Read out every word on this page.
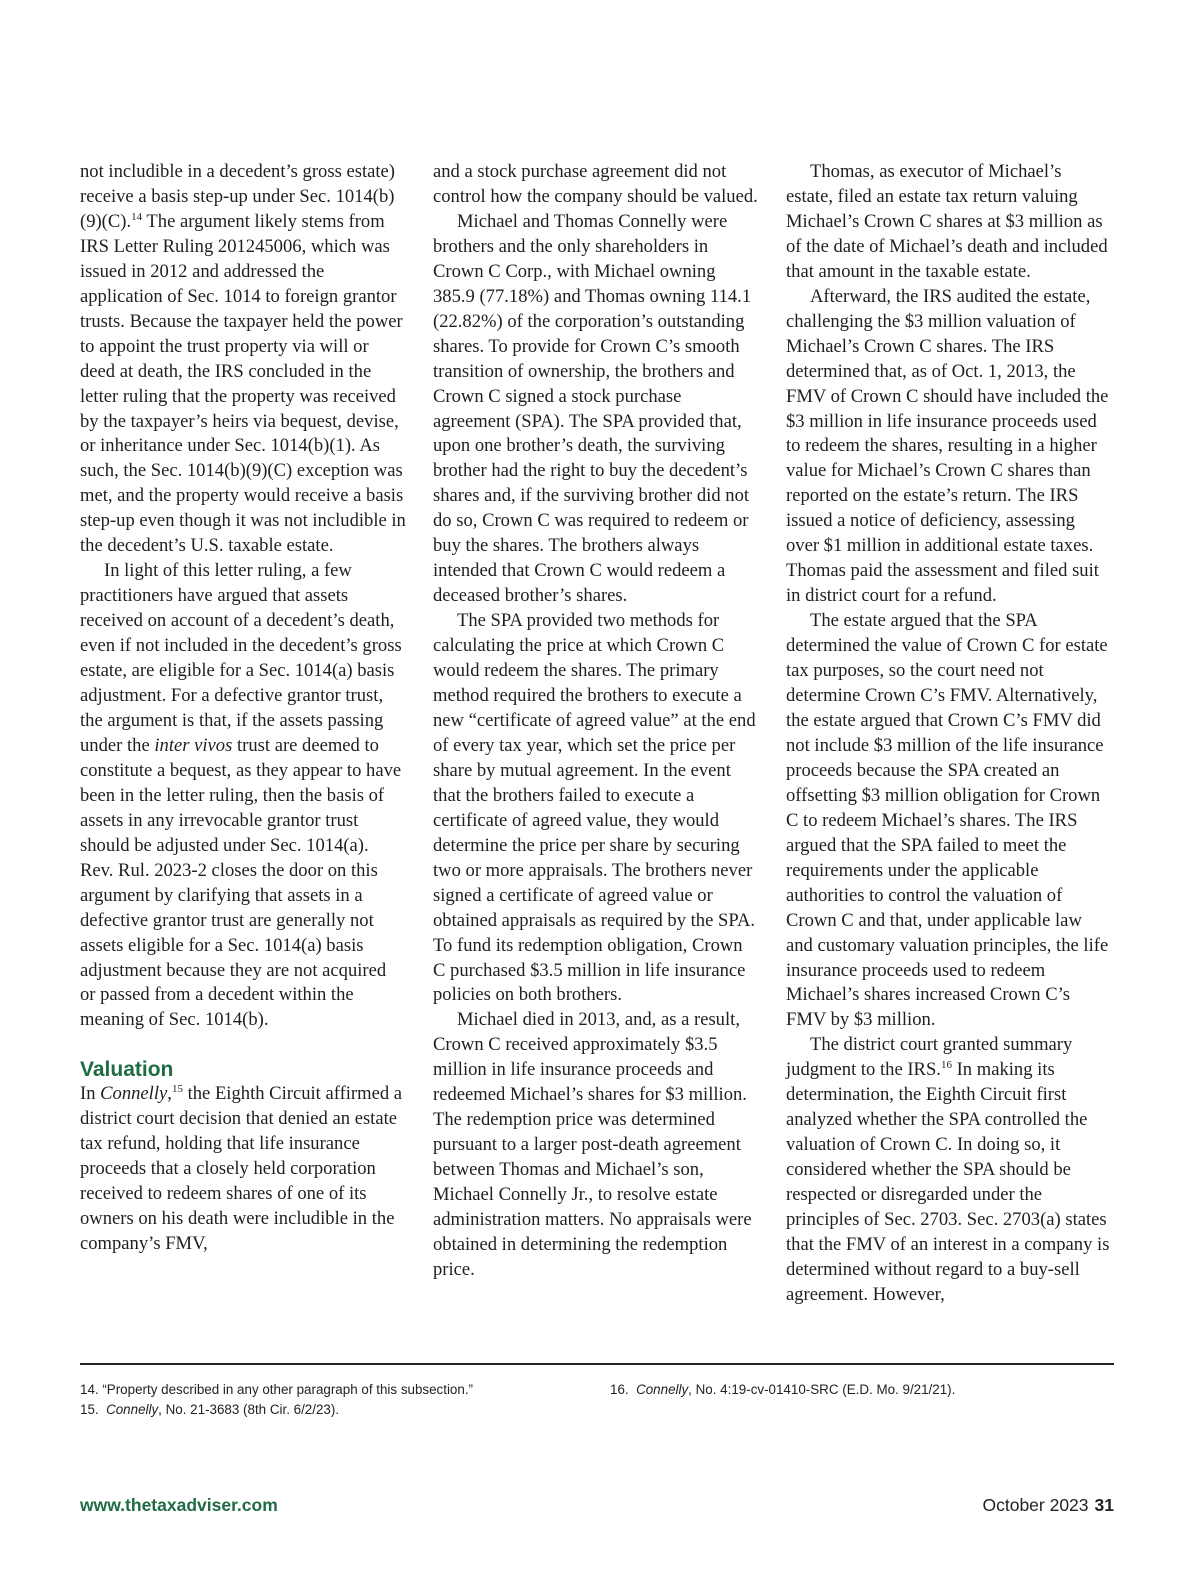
not includible in a decedent’s gross estate) receive a basis step-up under Sec. 1014(b)(9)(C).$^{14}$ The argument likely stems from IRS Letter Ruling 201245006, which was issued in 2012 and addressed the application of Sec. 1014 to foreign grantor trusts. Because the taxpayer held the power to appoint the trust property via will or deed at death, the IRS concluded in the letter ruling that the property was received by the taxpayer’s heirs via bequest, devise, or inheritance under Sec. 1014(b)(1). As such, the Sec. 1014(b)(9)(C) exception was met, and the property would receive a basis step-up even though it was not includible in the decedent’s U.S. taxable estate.

In light of this letter ruling, a few practitioners have argued that assets received on account of a decedent’s death, even if not included in the decedent’s gross estate, are eligible for a Sec. 1014(a) basis adjustment. For a defective grantor trust, the argument is that, if the assets passing under the inter vivos trust are deemed to constitute a bequest, as they appear to have been in the letter ruling, then the basis of assets in any irrevocable grantor trust should be adjusted under Sec. 1014(a). Rev. Rul. 2023-2 closes the door on this argument by clarifying that assets in a defective grantor trust are generally not assets eligible for a Sec. 1014(a) basis adjustment because they are not acquired or passed from a decedent within the meaning of Sec. 1014(b).

Valuation

In Connelly,$^{15}$ the Eighth Circuit affirmed a district court decision that denied an estate tax refund, holding that life insurance proceeds that a closely held corporation received to redeem shares of one of its owners on his death were includible in the company’s FMV,

and a stock purchase agreement did not control how the company should be valued.

Michael and Thomas Connelly were brothers and the only shareholders in Crown C Corp., with Michael owning 385.9 (77.18%) and Thomas owning 114.1 (22.82%) of the corporation’s outstanding shares. To provide for Crown C’s smooth transition of ownership, the brothers and Crown C signed a stock purchase agreement (SPA). The SPA provided that, upon one brother’s death, the surviving brother had the right to buy the decedent’s shares and, if the surviving brother did not do so, Crown C was required to redeem or buy the shares. The brothers always intended that Crown C would redeem a deceased brother’s shares.

The SPA provided two methods for calculating the price at which Crown C would redeem the shares. The primary method required the brothers to execute a new “certificate of agreed value” at the end of every tax year, which set the price per share by mutual agreement. In the event that the brothers failed to execute a certificate of agreed value, they would determine the price per share by securing two or more appraisals. The brothers never signed a certificate of agreed value or obtained appraisals as required by the SPA. To fund its redemption obligation, Crown C purchased $3.5 million in life insurance policies on both brothers.

Michael died in 2013, and, as a result, Crown C received approximately $3.5 million in life insurance proceeds and redeemed Michael’s shares for $3 million. The redemption price was determined pursuant to a larger post-death agreement between Thomas and Michael’s son, Michael Connelly Jr., to resolve estate administration matters. No appraisals were obtained in determining the redemption price.

Thomas, as executor of Michael’s estate, filed an estate tax return valuing Michael’s Crown C shares at $3 million as of the date of Michael’s death and included that amount in the taxable estate.

Afterward, the IRS audited the estate, challenging the $3 million valuation of Michael’s Crown C shares. The IRS determined that, as of Oct. 1, 2013, the FMV of Crown C should have included the $3 million in life insurance proceeds used to redeem the shares, resulting in a higher value for Michael’s Crown C shares than reported on the estate’s return. The IRS issued a notice of deficiency, assessing over $1 million in additional estate taxes. Thomas paid the assessment and filed suit in district court for a refund.

The estate argued that the SPA determined the value of Crown C for estate tax purposes, so the court need not determine Crown C’s FMV. Alternatively, the estate argued that Crown C’s FMV did not include $3 million of the life insurance proceeds because the SPA created an offsetting $3 million obligation for Crown C to redeem Michael’s shares. The IRS argued that the SPA failed to meet the requirements under the applicable authorities to control the valuation of Crown C and that, under applicable law and customary valuation principles, the life insurance proceeds used to redeem Michael’s shares increased Crown C’s FMV by $3 million.

The district court granted summary judgment to the IRS.$^{16}$ In making its determination, the Eighth Circuit first analyzed whether the SPA controlled the valuation of Crown C. In doing so, it considered whether the SPA should be respected or disregarded under the principles of Sec. 2703. Sec. 2703(a) states that the FMV of an interest in a company is determined without regard to a buy-sell agreement. However,

14. “Property described in any other paragraph of this subsection.”
15.  Connelly, No. 21-3683 (8th Cir. 6/2/23).
16.  Connelly, No. 4:19-cv-01410-SRC (E.D. Mo. 9/21/21).
www.thetaxadviser.com	October 2023 31
